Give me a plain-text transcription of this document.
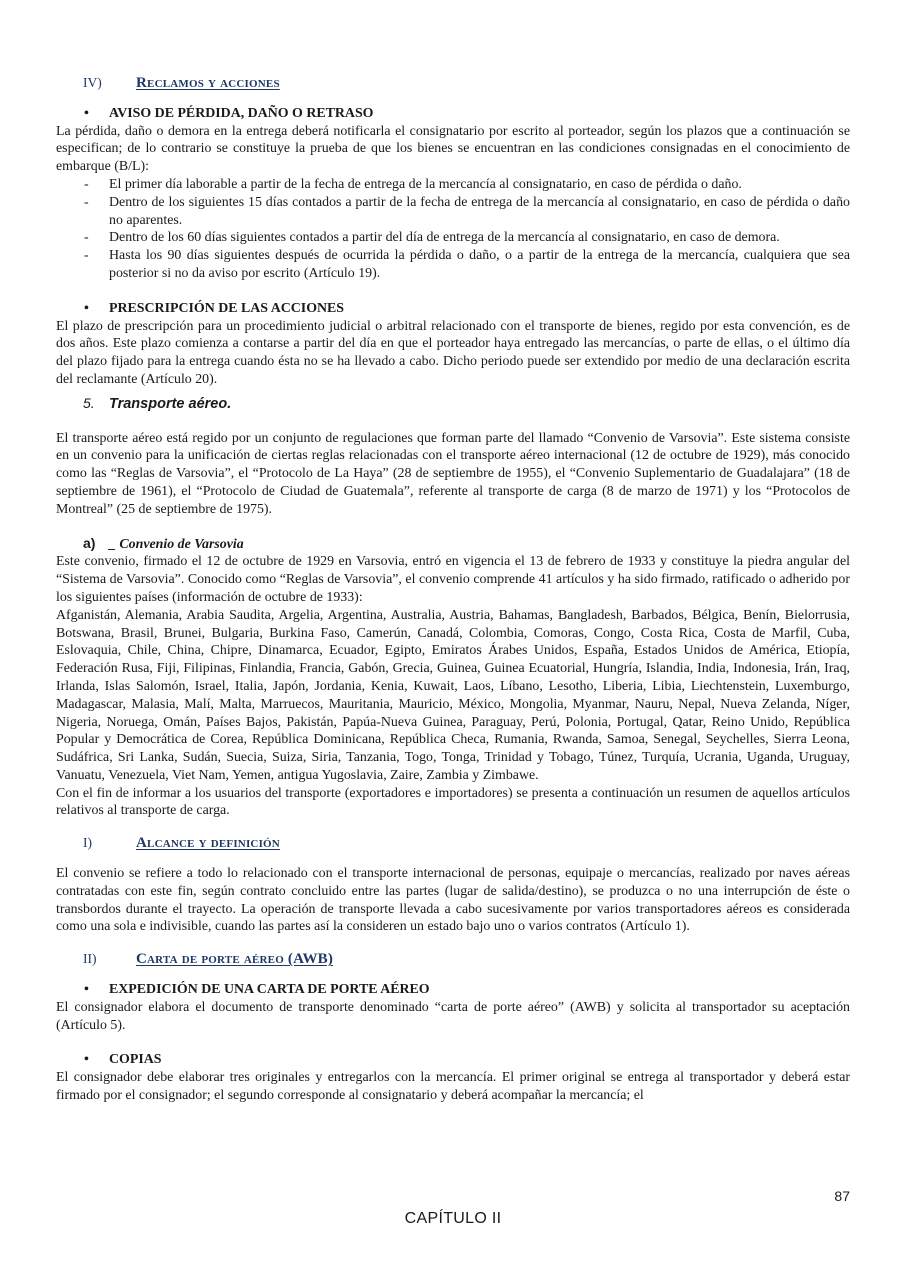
IV)	Reclamos y acciones
•	AVISO DE PÉRDIDA, DAÑO O RETRASO
La pérdida, daño o demora en la entrega deberá notificarla el consignatario por escrito al porteador, según los plazos que a continuación se especifican; de lo contrario se constituye la prueba de que los bienes se encuentran en las condiciones consignadas en el conocimiento de embarque (B/L):
-	El primer día laborable a partir de la fecha de entrega de la mercancía al consignatario, en caso de pérdida o daño.
-	Dentro de los siguientes 15 días contados a partir de la fecha de entrega de la mercancía al consignatario, en caso de pérdida o daño no aparentes.
-	Dentro de los 60 días siguientes contados a partir del día de entrega de la mercancía al consignatario, en caso de demora.
-	Hasta los 90 días siguientes después de ocurrida la pérdida o daño, o a partir de la entrega de la mercancía, cualquiera que sea posterior si no da aviso por escrito (Artículo 19).
•	PRESCRIPCIÓN DE LAS ACCIONES
El plazo de prescripción para un procedimiento judicial o arbitral relacionado con el transporte de bienes, regido por esta convención, es de dos años. Este plazo comienza a contarse a partir del día en que el porteador haya entregado las mercancías, o parte de ellas, o el último día del plazo fijado para la entrega cuando ésta no se ha llevado a cabo. Dicho periodo puede ser extendido por medio de una declaración escrita del reclamante (Artículo 20).
5. Transporte aéreo.
El transporte aéreo está regido por un conjunto de regulaciones que forman parte del llamado “Convenio de Varsovia”. Este sistema consiste en un convenio para la unificación de ciertas reglas relacionadas con el transporte aéreo internacional (12 de octubre de 1929), más conocido como las “Reglas de Varsovia”, el “Protocolo de La Haya” (28 de septiembre de 1955), el “Convenio Suplementario de Guadalajara” (18 de septiembre de 1961), el “Protocolo de Ciudad de Guatemala”, referente al transporte de carga (8 de marzo de 1971) y los “Protocolos de Montreal” (25 de septiembre de 1975).
a) _ Convenio de Varsovia
Este convenio, firmado el 12 de octubre de 1929 en Varsovia, entró en vigencia el 13 de febrero de 1933 y constituye la piedra angular del “Sistema de Varsovia”. Conocido como “Reglas de Varsovia”, el convenio comprende 41 artículos y ha sido firmado, ratificado o adherido por los siguientes países (información de octubre de 1933):
Afganistán, Alemania, Arabia Saudita, Argelia, Argentina, Australia, Austria, Bahamas, Bangladesh, Barbados, Bélgica, Benín, Bielorrusia, Botswana, Brasil, Brunei, Bulgaria, Burkina Faso, Camerún, Canadá, Colombia, Comoras, Congo, Costa Rica, Costa de Marfil, Cuba, Eslovaquia, Chile, China, Chipre, Dinamarca, Ecuador, Egipto, Emiratos Árabes Unidos, España, Estados Unidos de América, Etiopía, Federación Rusa, Fiji, Filipinas, Finlandia, Francia, Gabón, Grecia, Guinea, Guinea Ecuatorial, Hungría, Islandia, India, Indonesia, Irán, Iraq, Irlanda, Islas Salomón, Israel, Italia, Japón, Jordania, Kenia, Kuwait, Laos, Líbano, Lesotho, Liberia, Libia, Liechtenstein, Luxemburgo, Madagascar, Malasia, Malí, Malta, Marruecos, Mauritania, Mauricio, México, Mongolia, Myanmar, Nauru, Nepal, Nueva Zelanda, Níger, Nigeria, Noruega, Omán, Países Bajos, Pakistán, Papúa-Nueva Guinea, Paraguay, Perú, Polonia, Portugal, Qatar, Reino Unido, República Popular y Democrática de Corea, República Dominicana, República Checa, Rumania, Rwanda, Samoa, Senegal, Seychelles, Sierra Leona, Sudáfrica, Sri Lanka, Sudán, Suecia, Suiza, Siria, Tanzania, Togo, Tonga, Trinidad y Tobago, Túnez, Turquía, Ucrania, Uganda, Uruguay, Vanuatu, Venezuela, Viet Nam, Yemen, antigua Yugoslavia, Zaire, Zambia y Zimbawe.
Con el fin de informar a los usuarios del transporte (exportadores e importadores) se presenta a continuación un resumen de aquellos artículos relativos al transporte de carga.
I)	Alcance y definición
El convenio se refiere a todo lo relacionado con el transporte internacional de personas, equipaje o mercancías, realizado por naves aéreas contratadas con este fin, según contrato concluido entre las partes (lugar de salida/destino), se produzca o no una interrupción de éste o transbordos durante el trayecto. La operación de transporte llevada a cabo sucesivamente por varios transportadores aéreos es considerada como una sola e indivisible, cuando las partes así la consideren un estado bajo uno o varios contratos (Artículo 1).
II)	Carta de porte aéreo (AWB)
•	EXPEDICIÓN DE UNA CARTA DE PORTE AÉREO
El consignador elabora el documento de transporte denominado “carta de porte aéreo” (AWB) y solicita al transportador su aceptación (Artículo 5).
•	COPIAS
El consignador debe elaborar tres originales y entregarlos con la mercancía. El primer original se entrega al transportador y deberá estar firmado por el consignador; el segundo corresponde al consignatario y deberá acompañar la mercancía; el
87
CAPÍTULO II
